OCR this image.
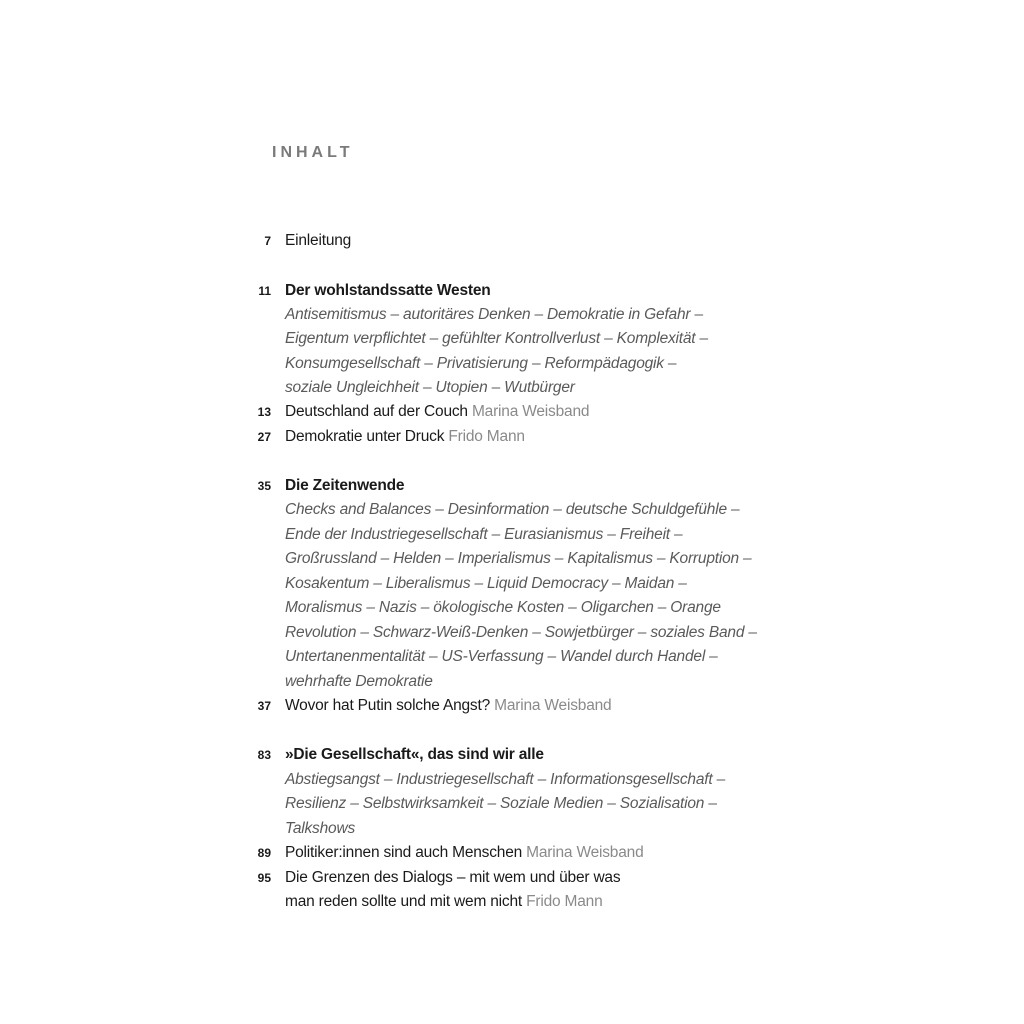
INHALT
7 Einleitung
11 Der wohlstandssatte Westen
Antisemitismus – autoritäres Denken – Demokratie in Gefahr –
Eigentum verpflichtet – gefühlter Kontrollverlust – Komplexität –
Konsumgesellschaft – Privatisierung – Reformpädagogik –
soziale Ungleichheit – Utopien – Wutbürger
13 Deutschland auf der Couch Marina Weisband
27 Demokratie unter Druck Frido Mann
35 Die Zeitenwende
Checks and Balances – Desinformation – deutsche Schuldgefühle –
Ende der Industriegesellschaft – Eurasianismus – Freiheit –
Großrussland – Helden – Imperialismus – Kapitalismus – Korruption –
Kosakentum – Liberalismus – Liquid Democracy – Maidan –
Moralismus – Nazis – ökologische Kosten – Oligarchen – Orange
Revolution – Schwarz-Weiß-Denken – Sowjetbürger – soziales Band –
Untertanenmentalität – US-Verfassung – Wandel durch Handel –
wehrhafte Demokratie
37 Wovor hat Putin solche Angst? Marina Weisband
83 »Die Gesellschaft«, das sind wir alle
Abstiegsangst – Industriegesellschaft – Informationsgesellschaft –
Resilienz – Selbstwirksamkeit – Soziale Medien – Sozialisation –
Talkshows
89 Politiker:innen sind auch Menschen Marina Weisband
95 Die Grenzen des Dialogs – mit wem und über was
man reden sollte und mit wem nicht Frido Mann
